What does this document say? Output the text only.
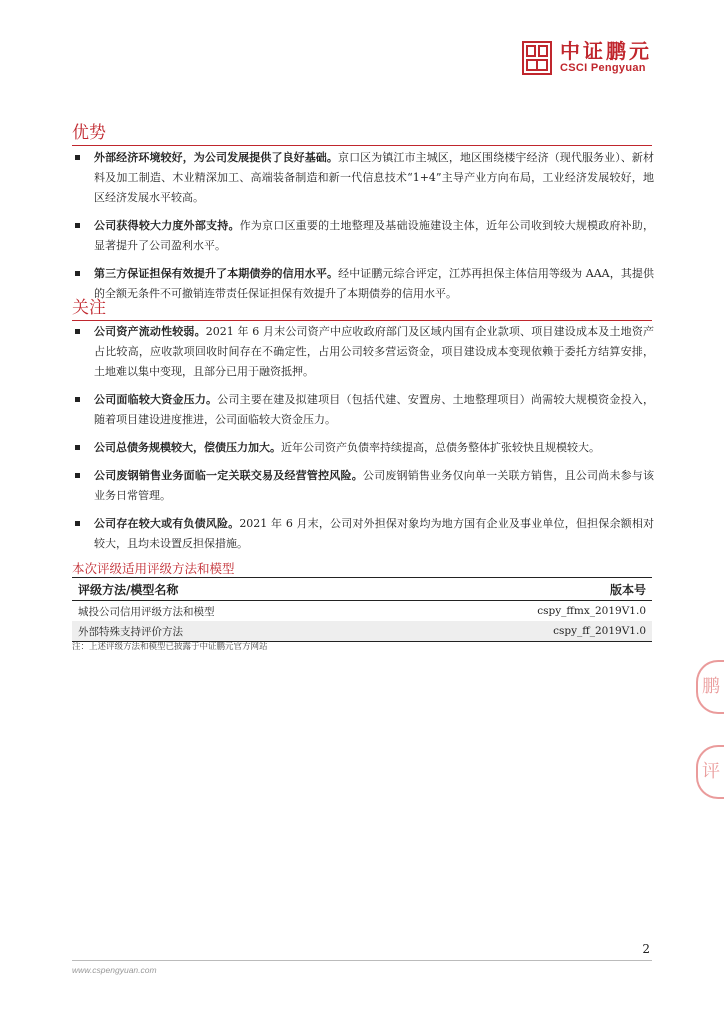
中证鹏元
CSCI Pengyuan
优势
外部经济环境较好，为公司发展提供了良好基础。京口区为镇江市主城区，地区围绕楼宇经济（现代服务业）、新材料及加工制造、木业精深加工、高端装备制造和新一代信息技术“1+4”主导产业方向布局，工业经济发展较好，地区经济发展水平较高。
公司获得较大力度外部支持。作为京口区重要的土地整理及基础设施建设主体，近年公司收到较大规模政府补助，显著提升了公司盈利水平。
第三方保证担保有效提升了本期债券的信用水平。经中证鹏元综合评定，江苏再担保主体信用等级为 AAA，其提供的全额无条件不可撤销连带责任保证担保有效提升了本期债券的信用水平。
关注
公司资产流动性较弱。2021 年 6 月末公司资产中应收政府部门及区域内国有企业款项、项目建设成本及土地资产占比较高，应收款项回收时间存在不确定性，占用公司较多营运资金，项目建设成本变现依赖于委托方结算安排，土地难以集中变现，且部分已用于融资抵押。
公司面临较大资金压力。公司主要在建及拟建项目（包括代建、安置房、土地整理项目）尚需较大规模资金投入，随着项目建设进度推进，公司面临较大资金压力。
公司总债务规模较大，偿债压力加大。近年公司资产负债率持续提高，总债务整体扩张较快且规模较大。
公司废钢销售业务面临一定关联交易及经营管控风险。公司废钢销售业务仅向单一关联方销售，且公司尚未参与该业务日常管理。
公司存在较大或有负债风险。2021 年 6 月末，公司对外担保对象均为地方国有企业及事业单位，但担保余额相对较大，且均未设置反担保措施。
本次评级适用评级方法和模型
评级方法/模型名称	版本号
城投公司信用评级方法和模型	cspy_ffmx_2019V1.0
外部特殊支持评价方法	cspy_ff_2019V1.0
注：上述评级方法和模型已披露于中证鹏元官方网站
鹏
评
2
www.cspengyuan.com
